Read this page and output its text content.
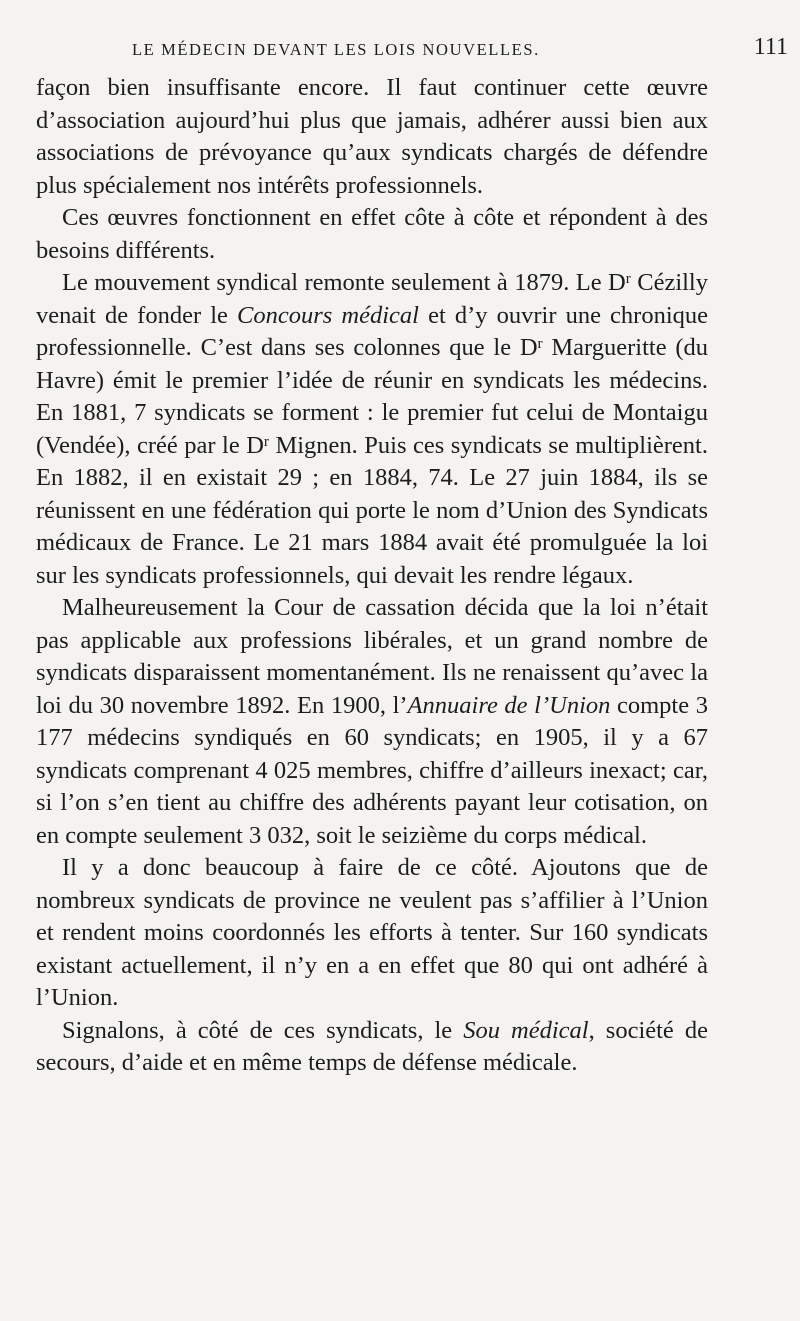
LE MÉDECIN DEVANT LES LOIS NOUVELLES.	111

façon bien insuffisante encore. Il faut continuer cette œuvre d’association aujourd’hui plus que jamais, adhérer aussi bien aux associations de prévoyance qu’aux syndicats chargés de défendre plus spécialement nos intérêts professionnels.

Ces œuvres fonctionnent en effet côte à côte et répondent à des besoins différents.

Le mouvement syndical remonte seulement à 1879. Le $D^r$ Cézilly venait de fonder le Concours médical et d’y ouvrir une chronique professionnelle. C’est dans ses colonnes que le $D^r$ Margueritte (du Havre) émit le premier l’idée de réunir en syndicats les médecins. En 1881, 7 syndicats se forment : le premier fut celui de Montaigu (Vendée), créé par le $D^r$ Mignen. Puis ces syndicats se multiplièrent. En 1882, il en existait 29 ; en 1884, 74. Le 27 juin 1884, ils se réunissent en une fédération qui porte le nom d’Union des Syndicats médicaux de France. Le 21 mars 1884 avait été promulguée la loi sur les syndicats professionnels, qui devait les rendre légaux.

Malheureusement la Cour de cassation décida que la loi n’était pas applicable aux professions libérales, et un grand nombre de syndicats disparaissent momentanément. Ils ne renaissent qu’avec la loi du 30 novembre 1892. En 1900, l’Annuaire de l’Union compte 3 177 médecins syndiqués en 60 syndicats; en 1905, il y a 67 syndicats comprenant 4 025 membres, chiffre d’ailleurs inexact; car, si l’on s’en tient au chiffre des adhérents payant leur cotisation, on en compte seulement 3 032, soit le seizième du corps médical.

Il y a donc beaucoup à faire de ce côté. Ajoutons que de nombreux syndicats de province ne veulent pas s’affilier à l’Union et rendent moins coordonnés les efforts à tenter. Sur 160 syndicats existant actuellement, il n’y en a en effet que 80 qui ont adhéré à l’Union.

Signalons, à côté de ces syndicats, le Sou médical, société de secours, d’aide et en même temps de défense médicale.
